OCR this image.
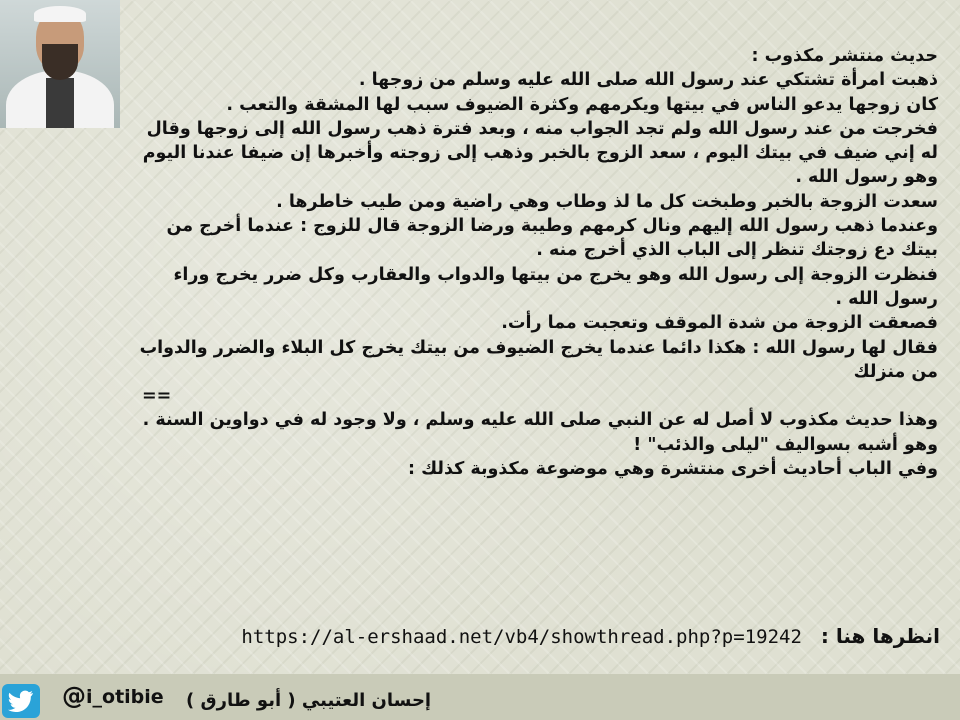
حديث منتشر مكذوب :

ذهبت امرأة تشتكي عند رسول الله صلى الله عليه وسلم من زوجها .

كان زوجها يدعو الناس في بيتها ويكرمهم وكثرة الضيوف سبب لها المشقة والتعب .

فخرجت من عند رسول الله ولم تجد الجواب منه ، وبعد فترة ذهب رسول الله إلى زوجها وقال له إني ضيف في بيتك اليوم ، سعد الزوج بالخبر وذهب إلى زوجته وأخبرها إن ضيفا عندنا اليوم وهو رسول الله .

سعدت الزوجة بالخبر وطبخت كل ما لذ وطاب وهي راضية ومن طيب خاطرها .

وعندما ذهب رسول الله إليهم ونال كرمهم وطيبة ورضا الزوجة قال للزوج : عندما أخرج من بيتك دع زوجتك تنظر إلى الباب الذي أخرج منه .

فنظرت الزوجة إلى رسول الله وهو يخرج من بيتها والدواب والعقارب وكل ضرر يخرج وراء رسول الله .

فصعقت الزوجة من شدة الموقف وتعجبت مما رأت.

فقال لها رسول الله : هكذا دائما عندما يخرج الضيوف من بيتك يخرج كل البلاء والضرر والدواب من منزلك

==

وهذا حديث مكذوب لا أصل له عن النبي صلى الله عليه وسلم ، ولا وجود له في دواوين السنة .

وهو أشبه بسواليف "ليلى والذئب" !

وفي الباب أحاديث أخرى منتشرة وهي موضوعة مكذوبة كذلك :

https://al-ershaad.net/vb4/showthread.php?p=19242 انظرها هنا :
@i_otibie إحسان العتيبي ( أبو طارق )
